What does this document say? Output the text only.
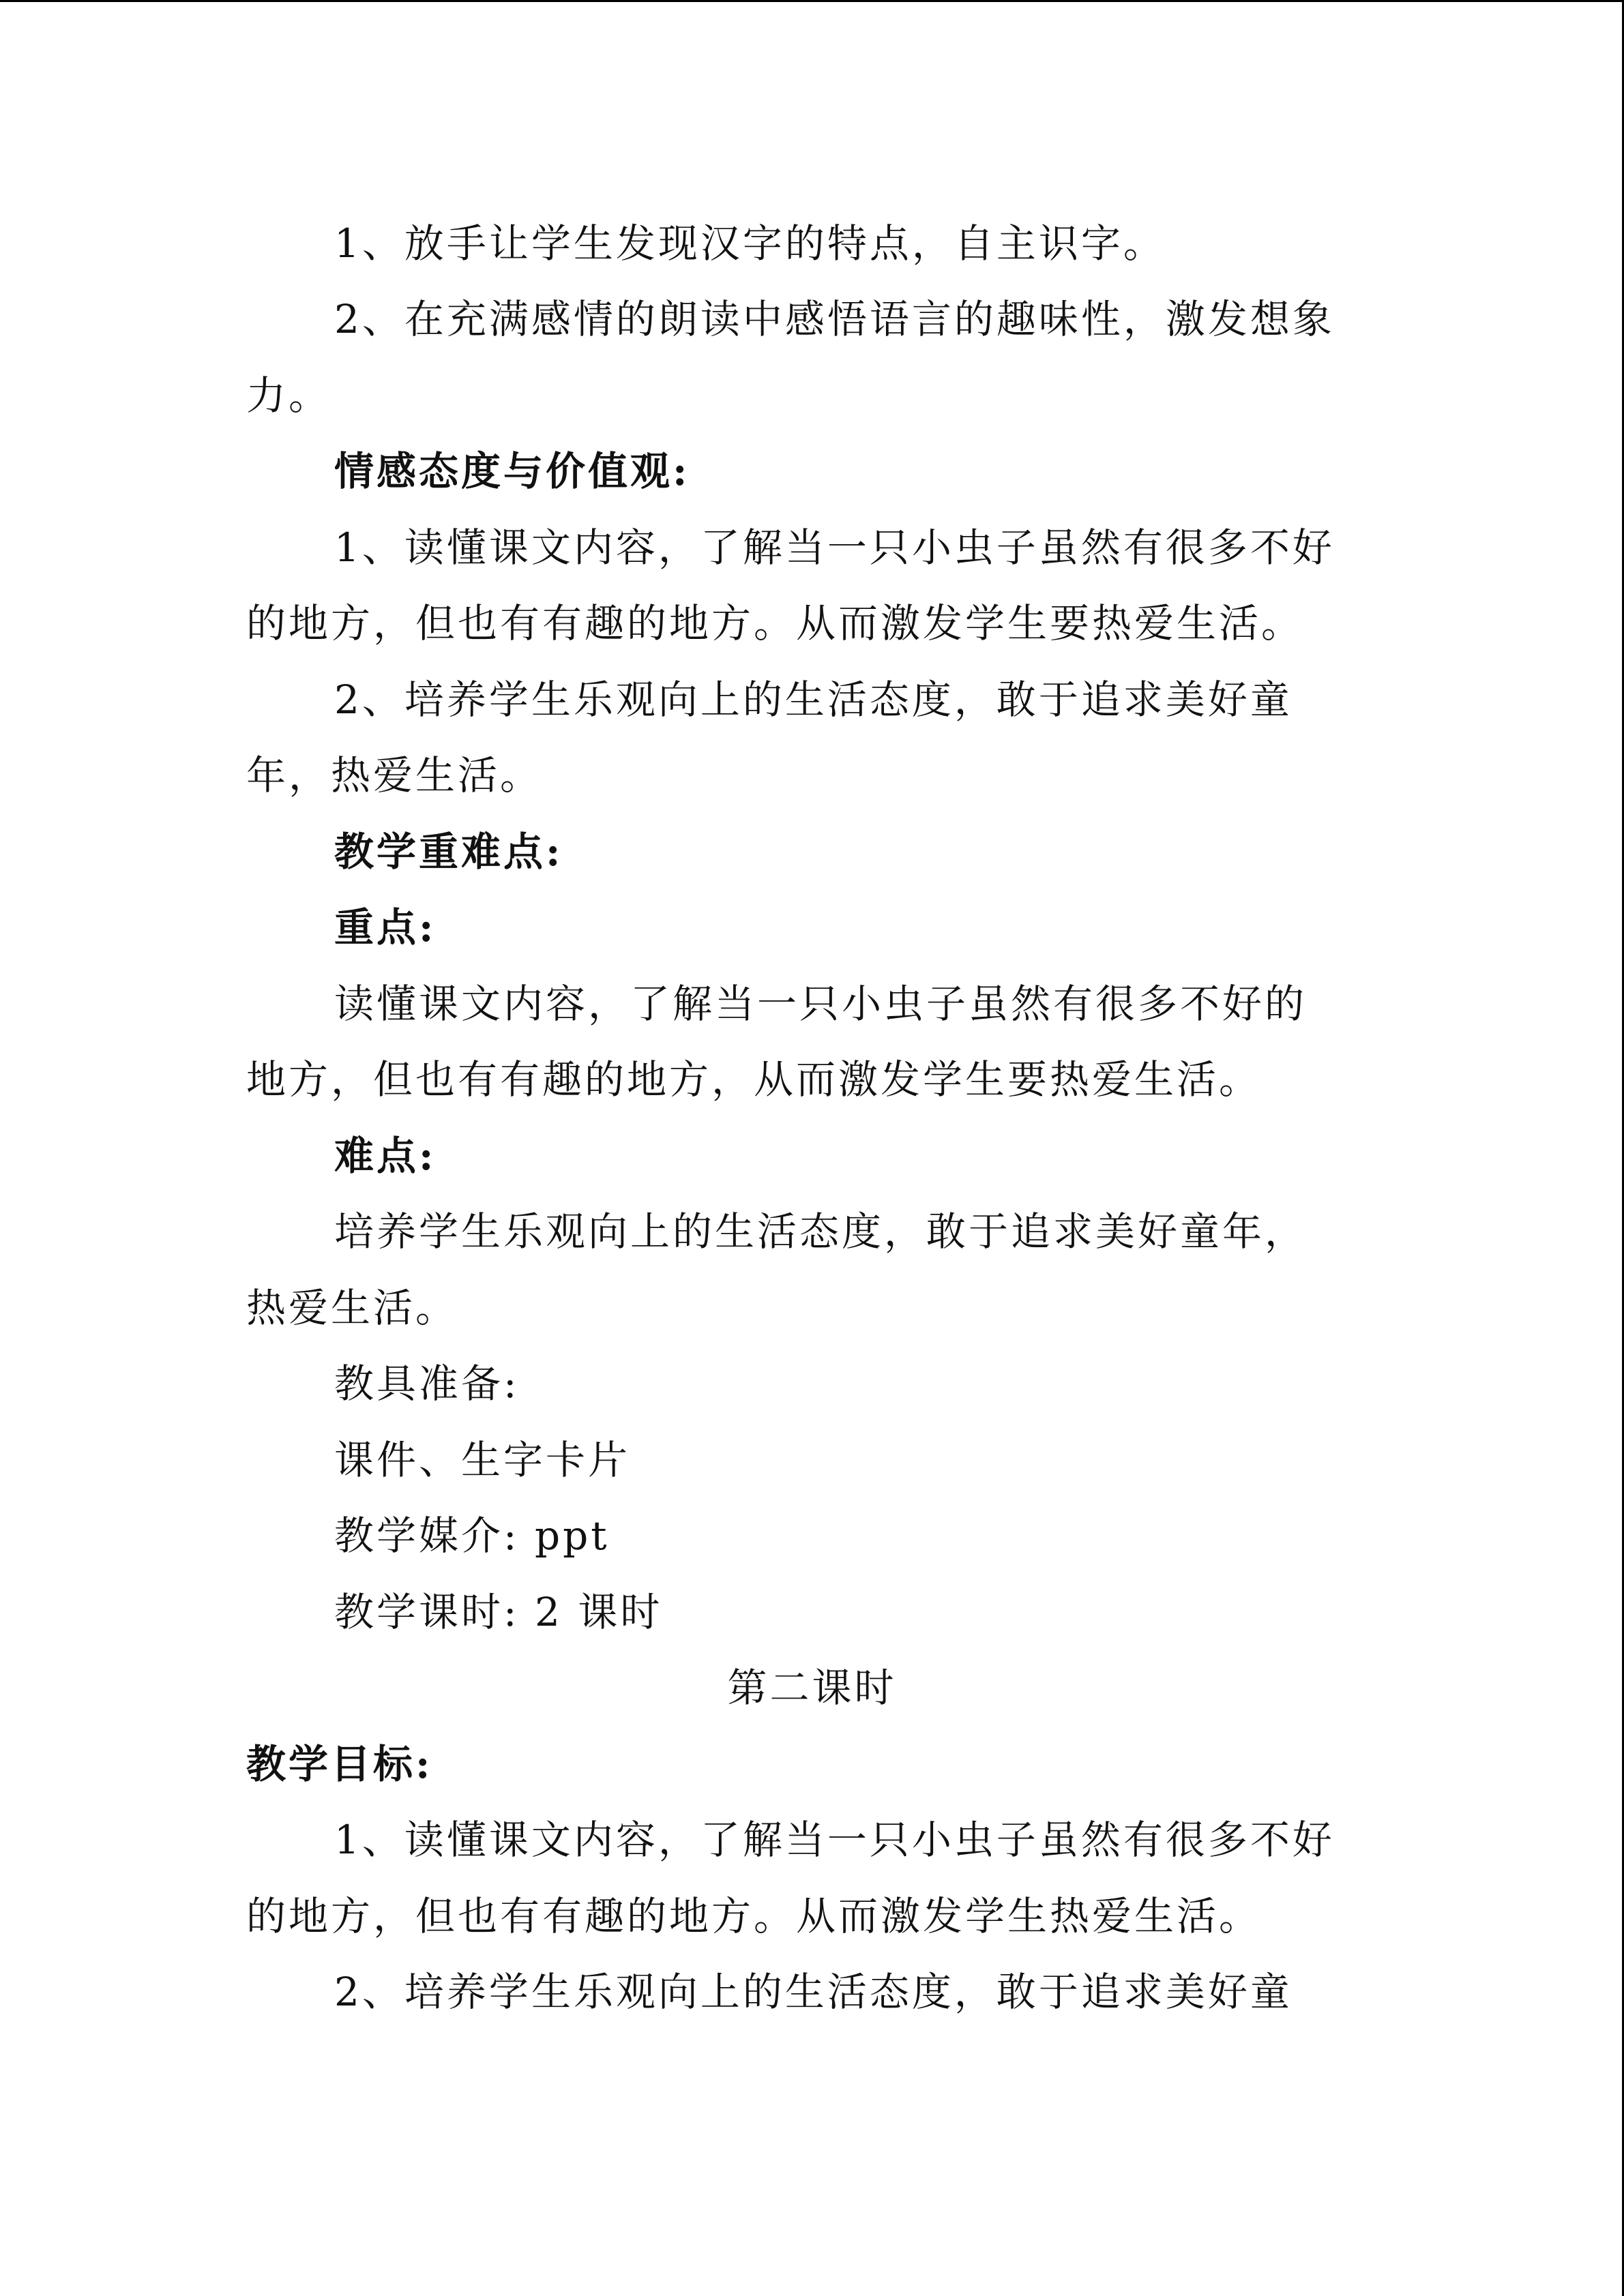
1、放手让学生发现汉字的特点，自主识字。
2、在充满感情的朗读中感悟语言的趣味性，激发想象
力。
情感态度与价值观:
1、读懂课文内容，了解当一只小虫子虽然有很多不好
的地方，但也有有趣的地方。从而激发学生要热爱生活。
2、培养学生乐观向上的生活态度，敢于追求美好童
年，热爱生活。
教学重难点:
重点:
读懂课文内容，了解当一只小虫子虽然有很多不好的
地方，但也有有趣的地方，从而激发学生要热爱生活。
难点:
培养学生乐观向上的生活态度，敢于追求美好童年，
热爱生活。
教具准备:
课件、生字卡片
教学媒介: ppt
教学课时: 2 课时
第二课时
教学目标:
1、读懂课文内容，了解当一只小虫子虽然有很多不好
的地方，但也有有趣的地方。从而激发学生热爱生活。
2、培养学生乐观向上的生活态度，敢于追求美好童
